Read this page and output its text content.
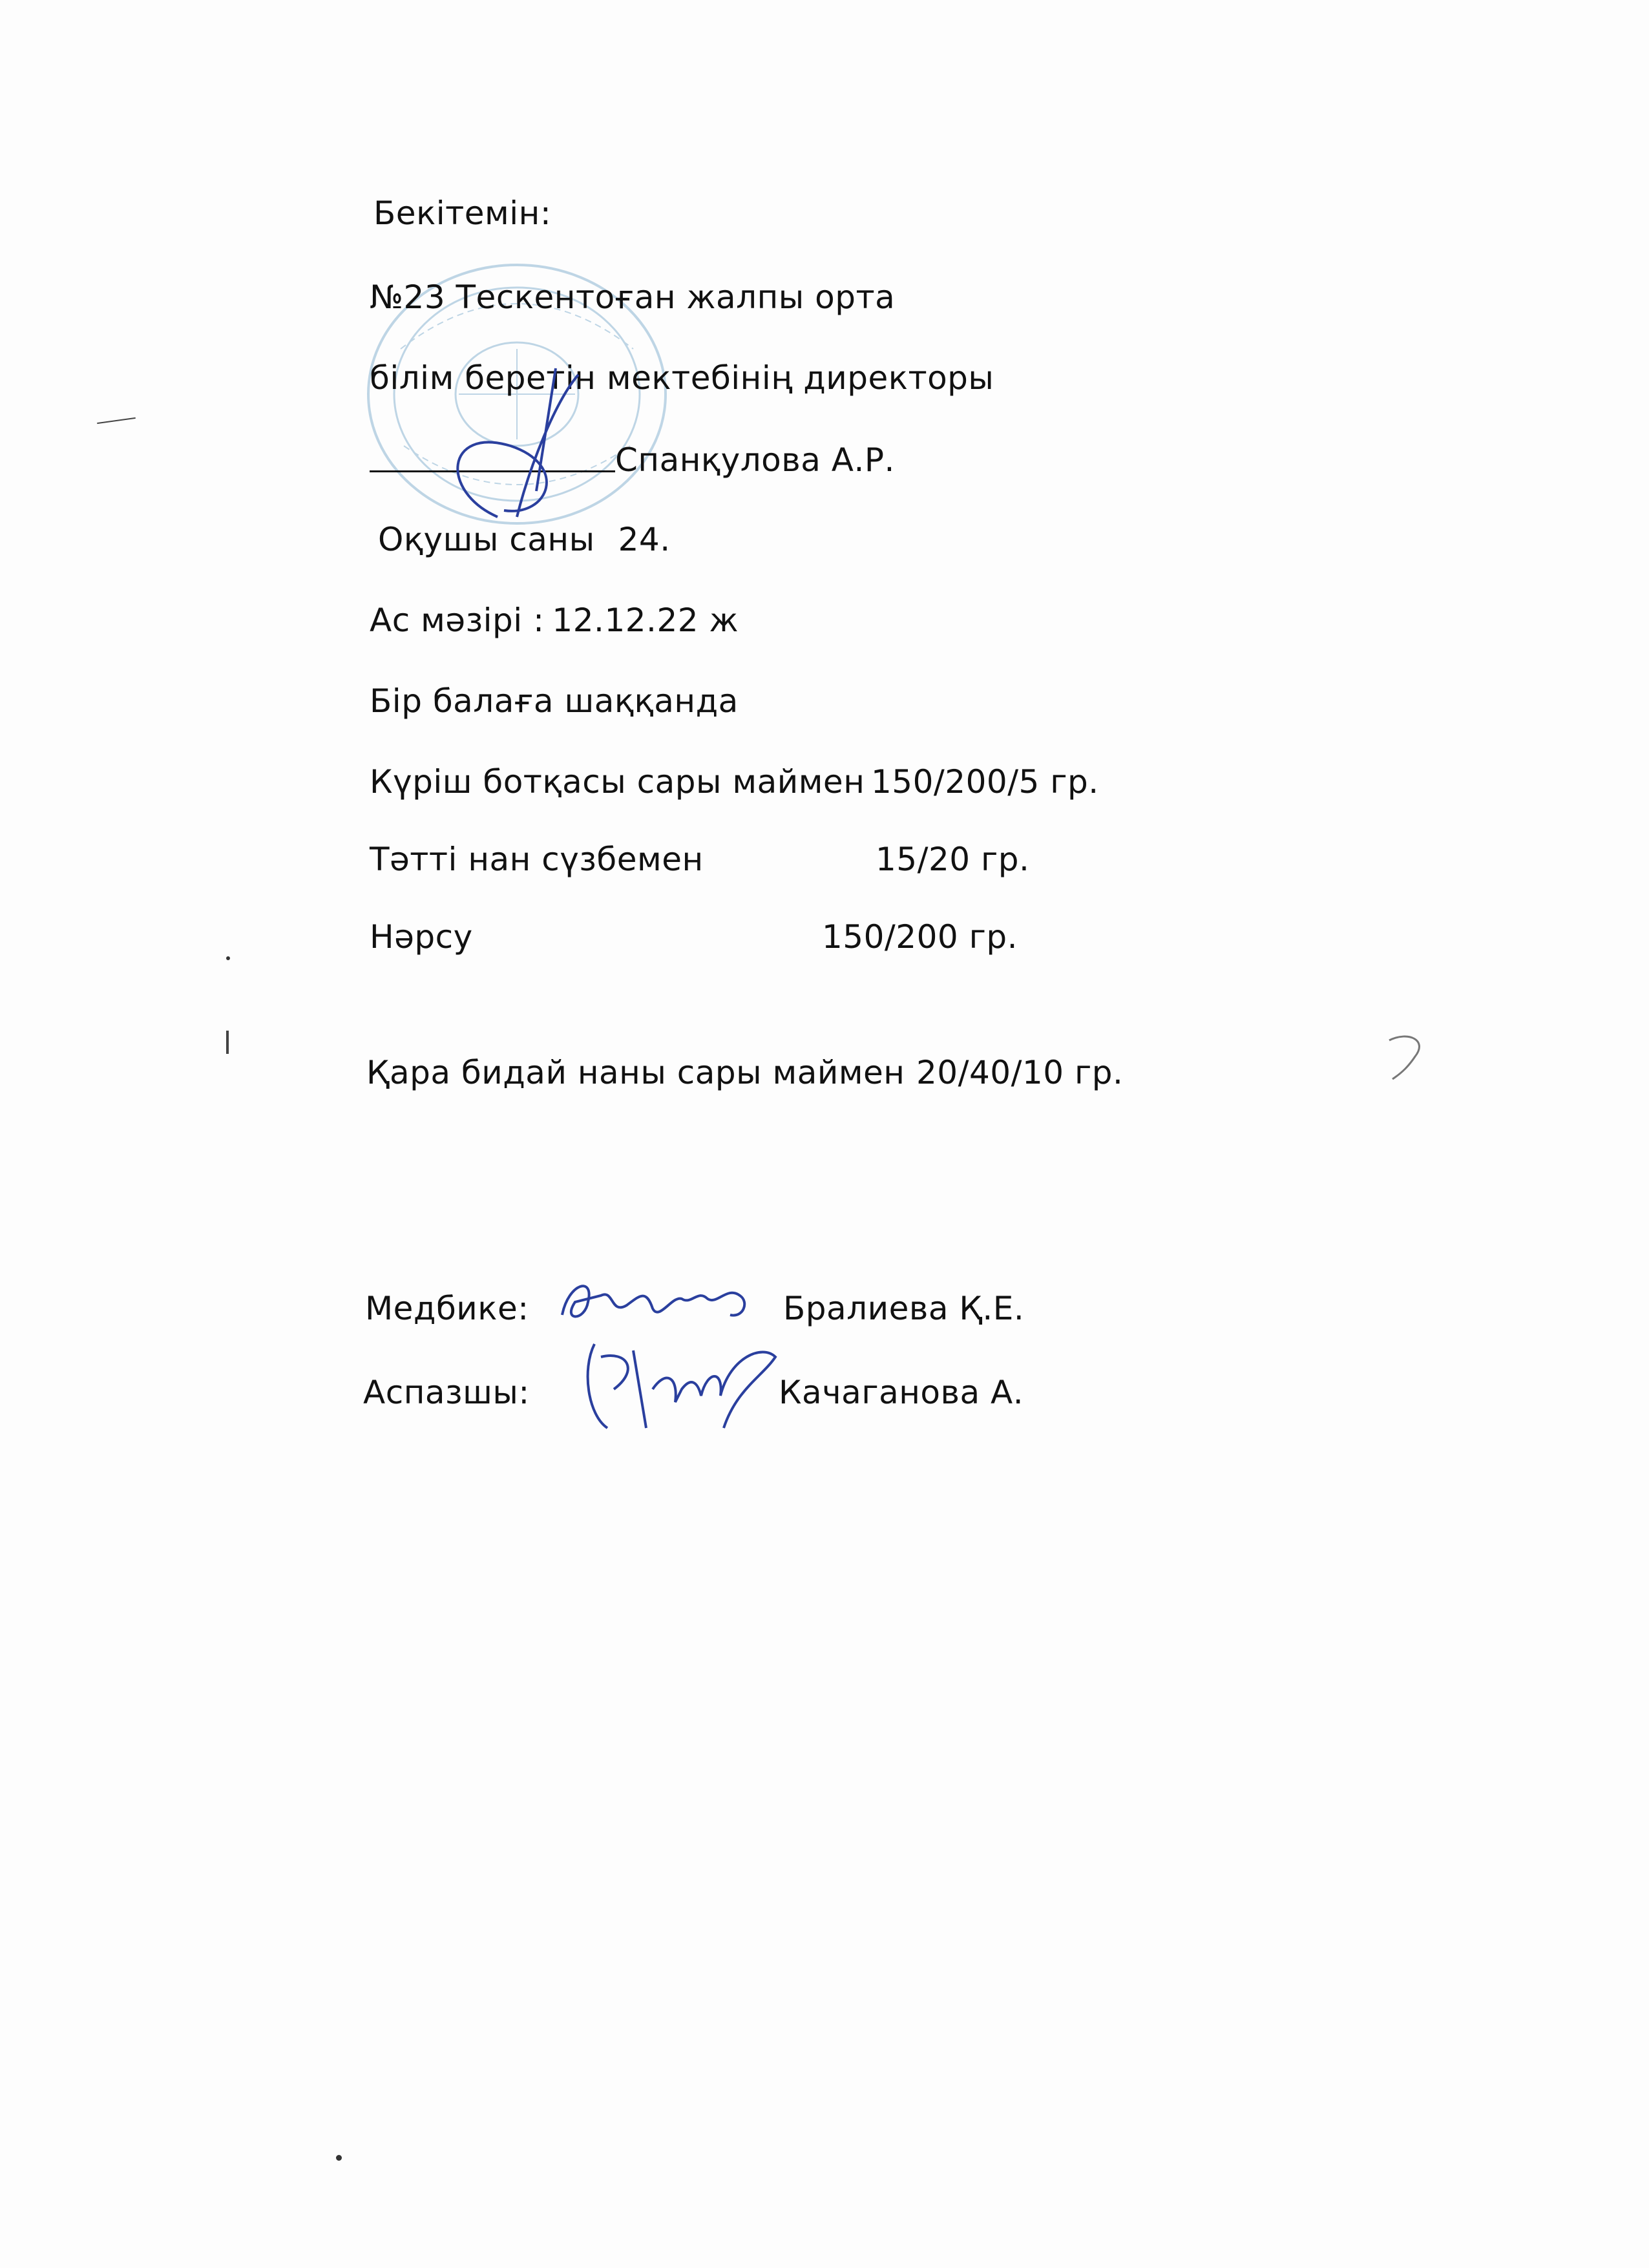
Бекітемін:
№23 Тескентоған жалпы орта
білім беретін мектебінің директоры
Спанқулова А.Р.
Оқушы саны 24.
Ас мәзірі : 12.12.22 ж
Бір балаға шаққанда
Күріш ботқасы сары маймен 150/200/5 гр.
Тәтті нан сүзбемен	15/20 гр.
Нәрсу	150/200 гр.
Қара бидай наны сары маймен 20/40/10 гр.
Медбике:	Бралиева Қ.Е.
Аспазшы:	Качаганова А.
